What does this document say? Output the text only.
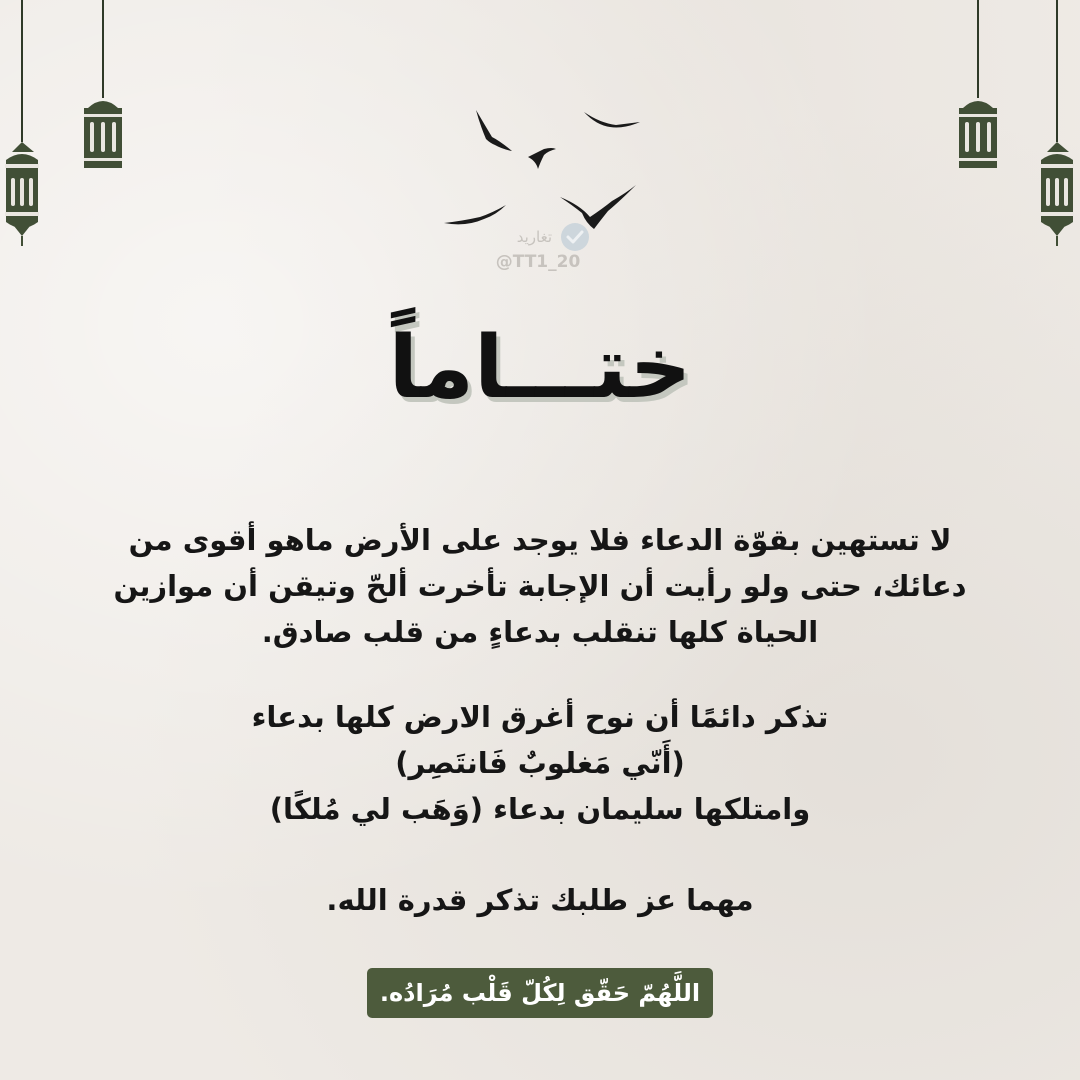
تغاريد
@TT1_20
ختـــاماً
لا تستهين بقوّة الدعاء فلا يوجد على الأرض ماهو أقوى من
دعائك، حتى ولو رأيت أن الإجابة تأخرت ألحّ وتيقن أن موازين
الحياة كلها تنقلب بدعاءٍ من قلب صادق.
تذكر دائمًا أن نوح أغرق الارض كلها بدعاء
(أَنّي مَغلوبٌ فَانتَصِر)
وامتلكها سليمان بدعاء (وَهَب لي مُلكًا)
مهما عز طلبك تذكر قدرة الله.
اللَّهُمّ حَقّق لِكُلّ قَلْب مُرَادُه.
